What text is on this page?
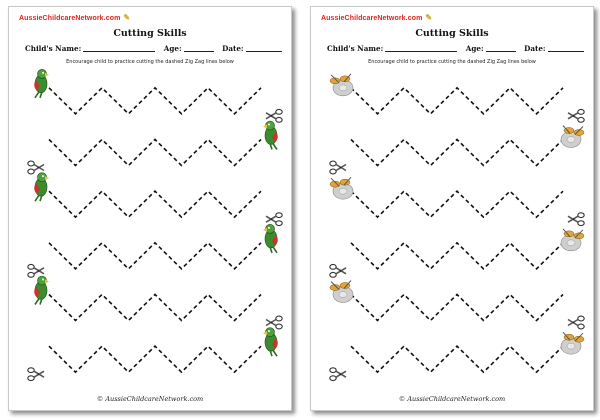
AussieChildcareNetwork.com ✎
Cutting Skills
Child's Name:	Age:	Date:
Encourage child to practice cutting the dashed Zig Zag lines below
© AussieChildcareNetwork.com
AussieChildcareNetwork.com ✎
Cutting Skills
Child's Name:	Age:	Date:
Encourage child to practice cutting the dashed Zig Zag lines below
© AussieChildcareNetwork.com
